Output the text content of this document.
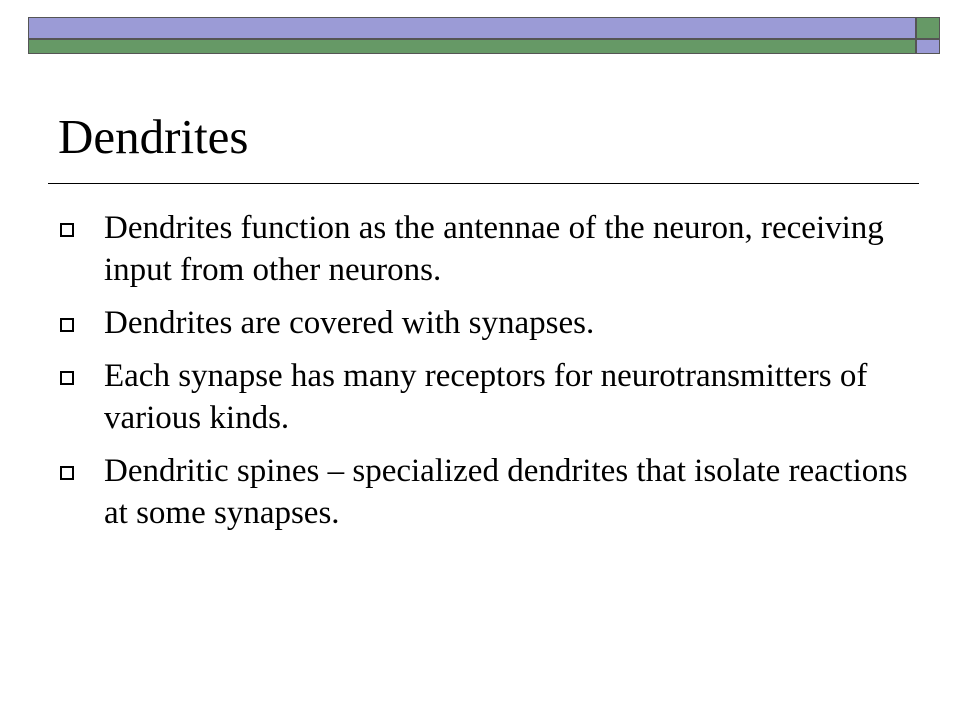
Dendrites
Dendrites function as the antennae of the neuron, receiving input from other neurons.
Dendrites are covered with synapses.
Each synapse has many receptors for neurotransmitters of various kinds.
Dendritic spines – specialized dendrites that isolate reactions at some synapses.
